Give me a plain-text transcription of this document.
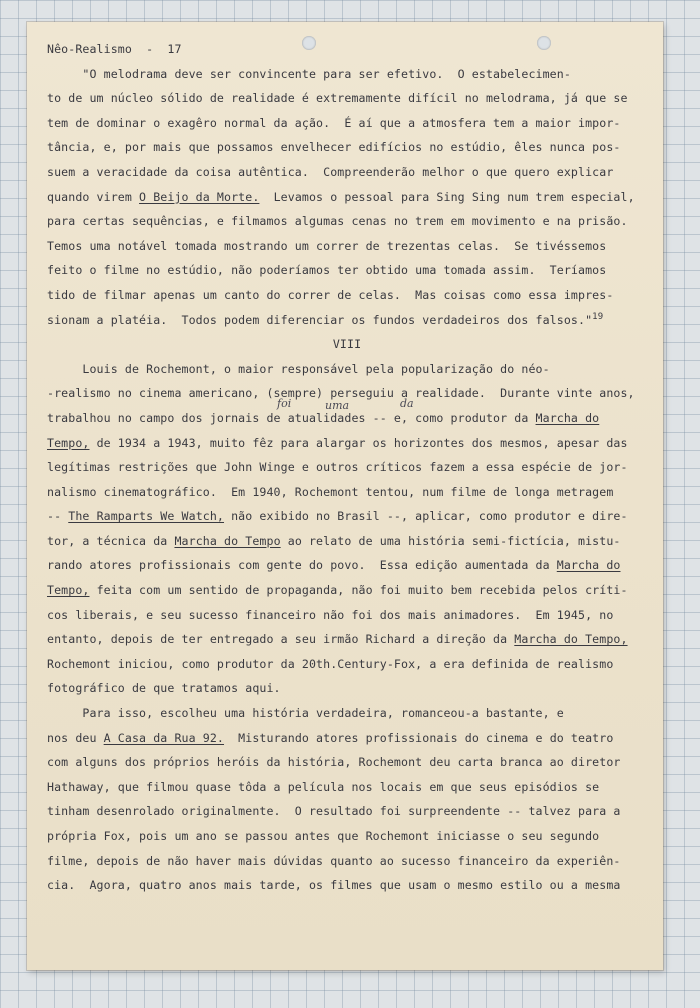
Nêo-Realismo  -  17
"O melodrama deve ser convincente para ser efetivo.  O estabelecimen-
to de um núcleo sólido de realidade é extremamente difícil no melodrama, já que se
tem de dominar o exagêro normal da ação.  É aí que a atmosfera tem a maior impor-
tância, e, por mais que possamos envelhecer edifícios no estúdio, êles nunca pos-
suem a veracidade da coisa autêntica.  Compreenderão melhor o que quero explicar
quando virem O Beijo da Morte.  Levamos o pessoal para Sing Sing num trem especial,
para certas sequências, e filmamos algumas cenas no trem em movimento e na prisão.
Temos uma notável tomada mostrando um correr de trezentas celas.  Se tivéssemos
feito o filme no estúdio, não poderíamos ter obtido uma tomada assim.  Teríamos
tido de filmar apenas um canto do correr de celas.  Mas coisas como essa impres-
sionam a platéia.  Todos podem diferenciar os fundos verdadeiros dos falsos."$^{19}$
VIII
Louis de Rochemont, o maior responsável pela popularização do néo-
-realismo no cinema americano, (sempre) perseguiu a realidade.  Durante vinte anos,
trabalhou no campo dos jornais de atualidades -- e, como produtor da Marcha do
Tempo, de 1934 a 1943, muito fêz para alargar os horizontes dos mesmos, apesar das
legítimas restrições que John Winge e outros críticos fazem a essa espécie de jor-
nalismo cinematográfico.  Em 1940, Rochemont tentou, num filme de longa metragem
-- The Ramparts We Watch, não exibido no Brasil --, aplicar, como produtor e dire-
tor, a técnica da Marcha do Tempo ao relato de uma história semi-fictícia, mistu-
rando atores profissionais com gente do povo.  Essa edição aumentada da Marcha do
Tempo, feita com um sentido de propaganda, não foi muito bem recebida pelos críti-
cos liberais, e seu sucesso financeiro não foi dos mais animadores.  Em 1945, no
entanto, depois de ter entregado a seu irmão Richard a direção da Marcha do Tempo,
Rochemont iniciou, como produtor da 20th.Century-Fox, a era definida de realismo
fotográfico de que tratamos aqui.
Para isso, escolheu uma história verdadeira, romanceou-a bastante, e
nos deu A Casa da Rua 92.  Misturando atores profissionais do cinema e do teatro
com alguns dos próprios heróis da história, Rochemont deu carta branca ao diretor
Hathaway, que filmou quase tôda a película nos locais em que seus episódios se
tinham desenrolado originalmente.  O resultado foi surpreendente -- talvez para a
própria Fox, pois um ano se passou antes que Rochemont iniciasse o seu segundo
filme, depois de não haver mais dúvidas quanto ao sucesso financeiro da experiên-
cia.  Agora, quatro anos mais tarde, os filmes que usam o mesmo estilo ou a mesma
foi	uma	da
